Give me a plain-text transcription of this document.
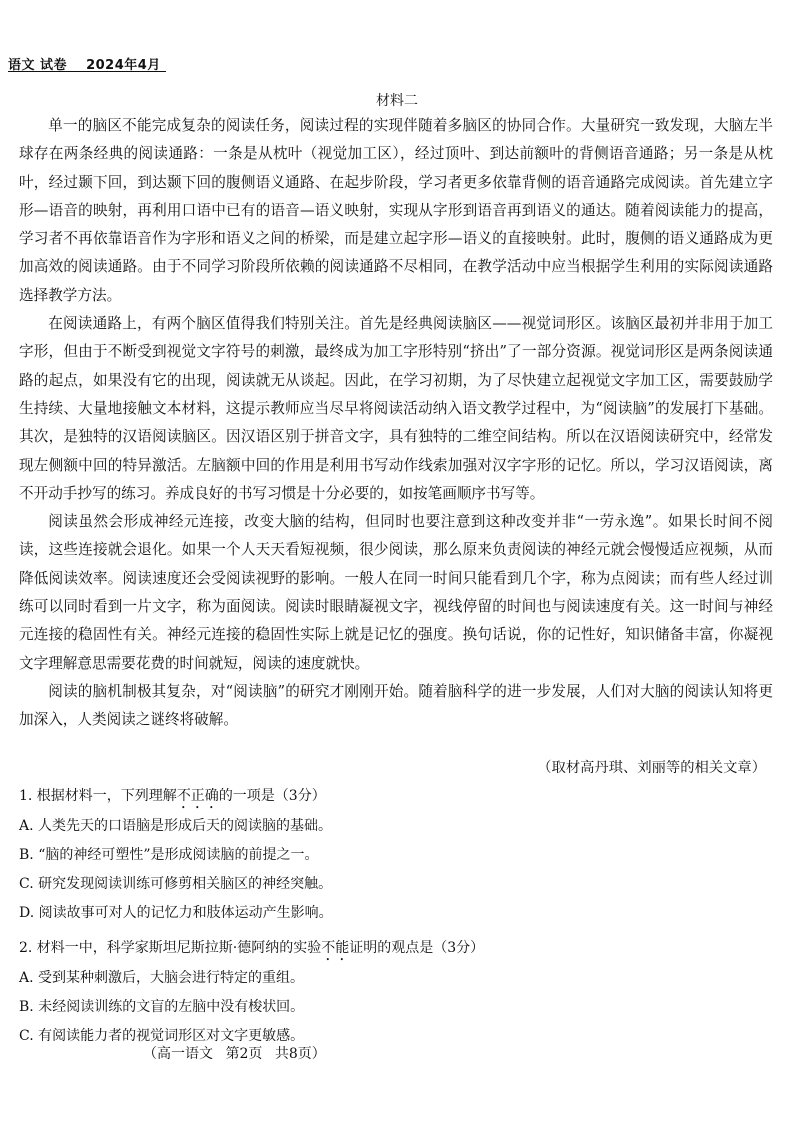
语文 试卷 2024年4月
材料二

单一的脑区不能完成复杂的阅读任务，阅读过程的实现伴随着多脑区的协同合作。大量研究一致发现，大脑左半球存在两条经典的阅读通路：一条是从枕叶（视觉加工区），经过顶叶、到达前额叶的背侧语音通路；另一条是从枕叶，经过颞下回，到达颞下回的腹侧语义通路、在起步阶段，学习者更多依靠背侧的语音通路完成阅读。首先建立字形—语音的映射，再利用口语中已有的语音—语义映射，实现从字形到语音再到语义的通达。随着阅读能力的提高，学习者不再依靠语音作为字形和语义之间的桥梁，而是建立起字形—语义的直接映射。此时，腹侧的语义通路成为更加高效的阅读通路。由于不同学习阶段所依赖的阅读通路不尽相同，在教学活动中应当根据学生利用的实际阅读通路选择教学方法。

在阅读通路上，有两个脑区值得我们特别关注。首先是经典阅读脑区——视觉词形区。该脑区最初并非用于加工字形，但由于不断受到视觉文字符号的刺激，最终成为加工字形特别“挤出”了一部分资源。视觉词形区是两条阅读通路的起点，如果没有它的出现，阅读就无从谈起。因此，在学习初期，为了尽快建立起视觉文字加工区，需要鼓励学生持续、大量地接触文本材料，这提示教师应当尽早将阅读活动纳入语文教学过程中，为“阅读脑”的发展打下基础。其次，是独特的汉语阅读脑区。因汉语区别于拼音文字，具有独特的二维空间结构。所以在汉语阅读研究中，经常发现左侧额中回的特异激活。左脑额中回的作用是利用书写动作线索加强对汉字字形的记忆。所以，学习汉语阅读，离不开动手抄写的练习。养成良好的书写习惯是十分必要的，如按笔画顺序书写等。

阅读虽然会形成神经元连接，改变大脑的结构，但同时也要注意到这种改变并非“一劳永逸”。如果长时间不阅读，这些连接就会退化。如果一个人天天看短视频，很少阅读，那么原来负责阅读的神经元就会慢慢适应视频，从而降低阅读效率。阅读速度还会受阅读视野的影响。一般人在同一时间只能看到几个字，称为点阅读；而有些人经过训练可以同时看到一片文字，称为面阅读。阅读时眼睛凝视文字，视线停留的时间也与阅读速度有关。这一时间与神经元连接的稳固性有关。神经元连接的稳固性实际上就是记忆的强度。换句话说，你的记性好，知识储备丰富，你凝视文字理解意思需要花费的时间就短，阅读的速度就快。

阅读的脑机制极其复杂，对“阅读脑”的研究才刚刚开始。随着脑科学的进一步发展，人们对大脑的阅读认知将更加深入，人类阅读之谜终将破解。

（取材高丹琪、刘丽等的相关文章）
1. 根据材料一，下列理解不正确的一项是（3分）
A. 人类先天的口语脑是形成后天的阅读脑的基础。
B. “脑的神经可塑性”是形成阅读脑的前提之一。
C. 研究发现阅读训练可修剪相关脑区的神经突触。
D. 阅读故事可对人的记忆力和肢体运动产生影响。
2. 材料一中，科学家斯坦尼斯拉斯·德阿纳的实验不能证明的观点是（3分）
A. 受到某种刺激后，大脑会进行特定的重组。
B. 未经阅读训练的文盲的左脑中没有梭状回。
C. 有阅读能力者的视觉词形区对文字更敏感。
（高一语文 第2页 共8页）
